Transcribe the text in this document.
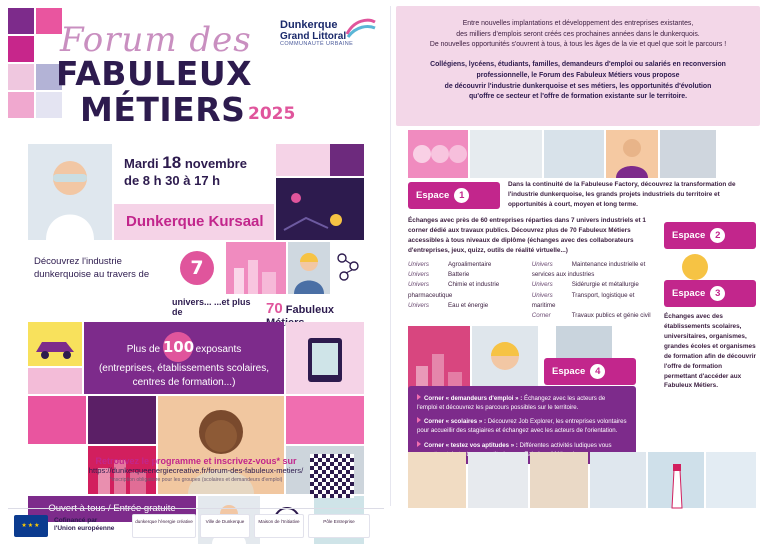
Forum des
FABULEUX
MÉTIERS 2025
Dunkerque
Grand Littoral
COMMUNAUTÉ URBAINE
Mardi 18 novembre
de 8 h 30 à 17 h
Dunkerque Kursaal
Découvrez l'industrie dunkerquoise au travers de	7
univers... ...et plus de	70 Fabuleux
Plus de 100 exposants
(entreprises, établissements scolaires, centres de formation...)
Ouvert à tous / Entrée gratuite
Retrouvez le programme et inscrivez-vous* sur
https://dunkerqueenergiecreative.fr/forum-des-fabuleux-metiers/
*inscription obligatoire pour les groupes (scolaires et demandeurs d'emploi)
★★★
Cofinancé par
l'Union européenne
dunkerque l'énergie créative	Ville de Dunkerque	Maison de l'Initiative	Pôle Entreprise

Entre nouvelles implantations et développement des entreprises existantes,

des milliers d'emplois seront créés ces prochaines années dans le dunkerquois.

De nouvelles opportunités s'ouvrent à tous, à tous les âges de la vie et quel que soit le parcours !

Collégiens, lycéens, étudiants, familles, demandeurs d'emploi ou salariés en reconversion

professionnelle, le Forum des Fabuleux Métiers vous propose

de découvrir l'industrie dunkerquoise et ses métiers, les opportunités d'évolution

qu'offre ce secteur et l'offre de formation existante sur le territoire.

Espace 1
Dans la continuité de la Fabuleuse Factory, découvrez la transformation de l'industrie dunkerquoise, les grands projets industriels du territoire et opportunités à court, moyen et long terme.
Échanges avec près de 60 entreprises réparties dans 7 univers industriels et 1 corner dédié aux travaux publics. Découvrez plus de 70 Fabuleux Métiers accessibles à tous niveaux de diplôme (échanges avec des collaborateurs d'entreprises, jeux, quizz, outils de réalité virtuelle...)
Espace 2
Espace 3
Échanges avec des établissements scolaires, universitaires, organismes, grandes écoles et organismes de formation afin de découvrir l'offre de formation permettant d'accéder aux Fabuleux Métiers.
Univers	Agroalimentaire
Univers	Batterie
Univers	Chimie et industrie pharmaceutique
Univers	Eau et énergie

Univers	Maintenance industrielle et services aux industries
Univers	Sidérurgie et métallurgie
Univers	Transport, logistique et maritime
Corner	Travaux publics et génie civil
Espace 4
Corner « demandeurs d'emploi » : Échangez avec les acteurs de l'emploi et découvrez les parcours possibles sur le territoire.
Corner « scolaires » : Découvrez Job Explorer, les entreprises volontaires pour accueillir des stagiaires et échangez avec les acteurs de l'orientation.
Corner « testez vos aptitudes » : Différentes activités ludiques vous
